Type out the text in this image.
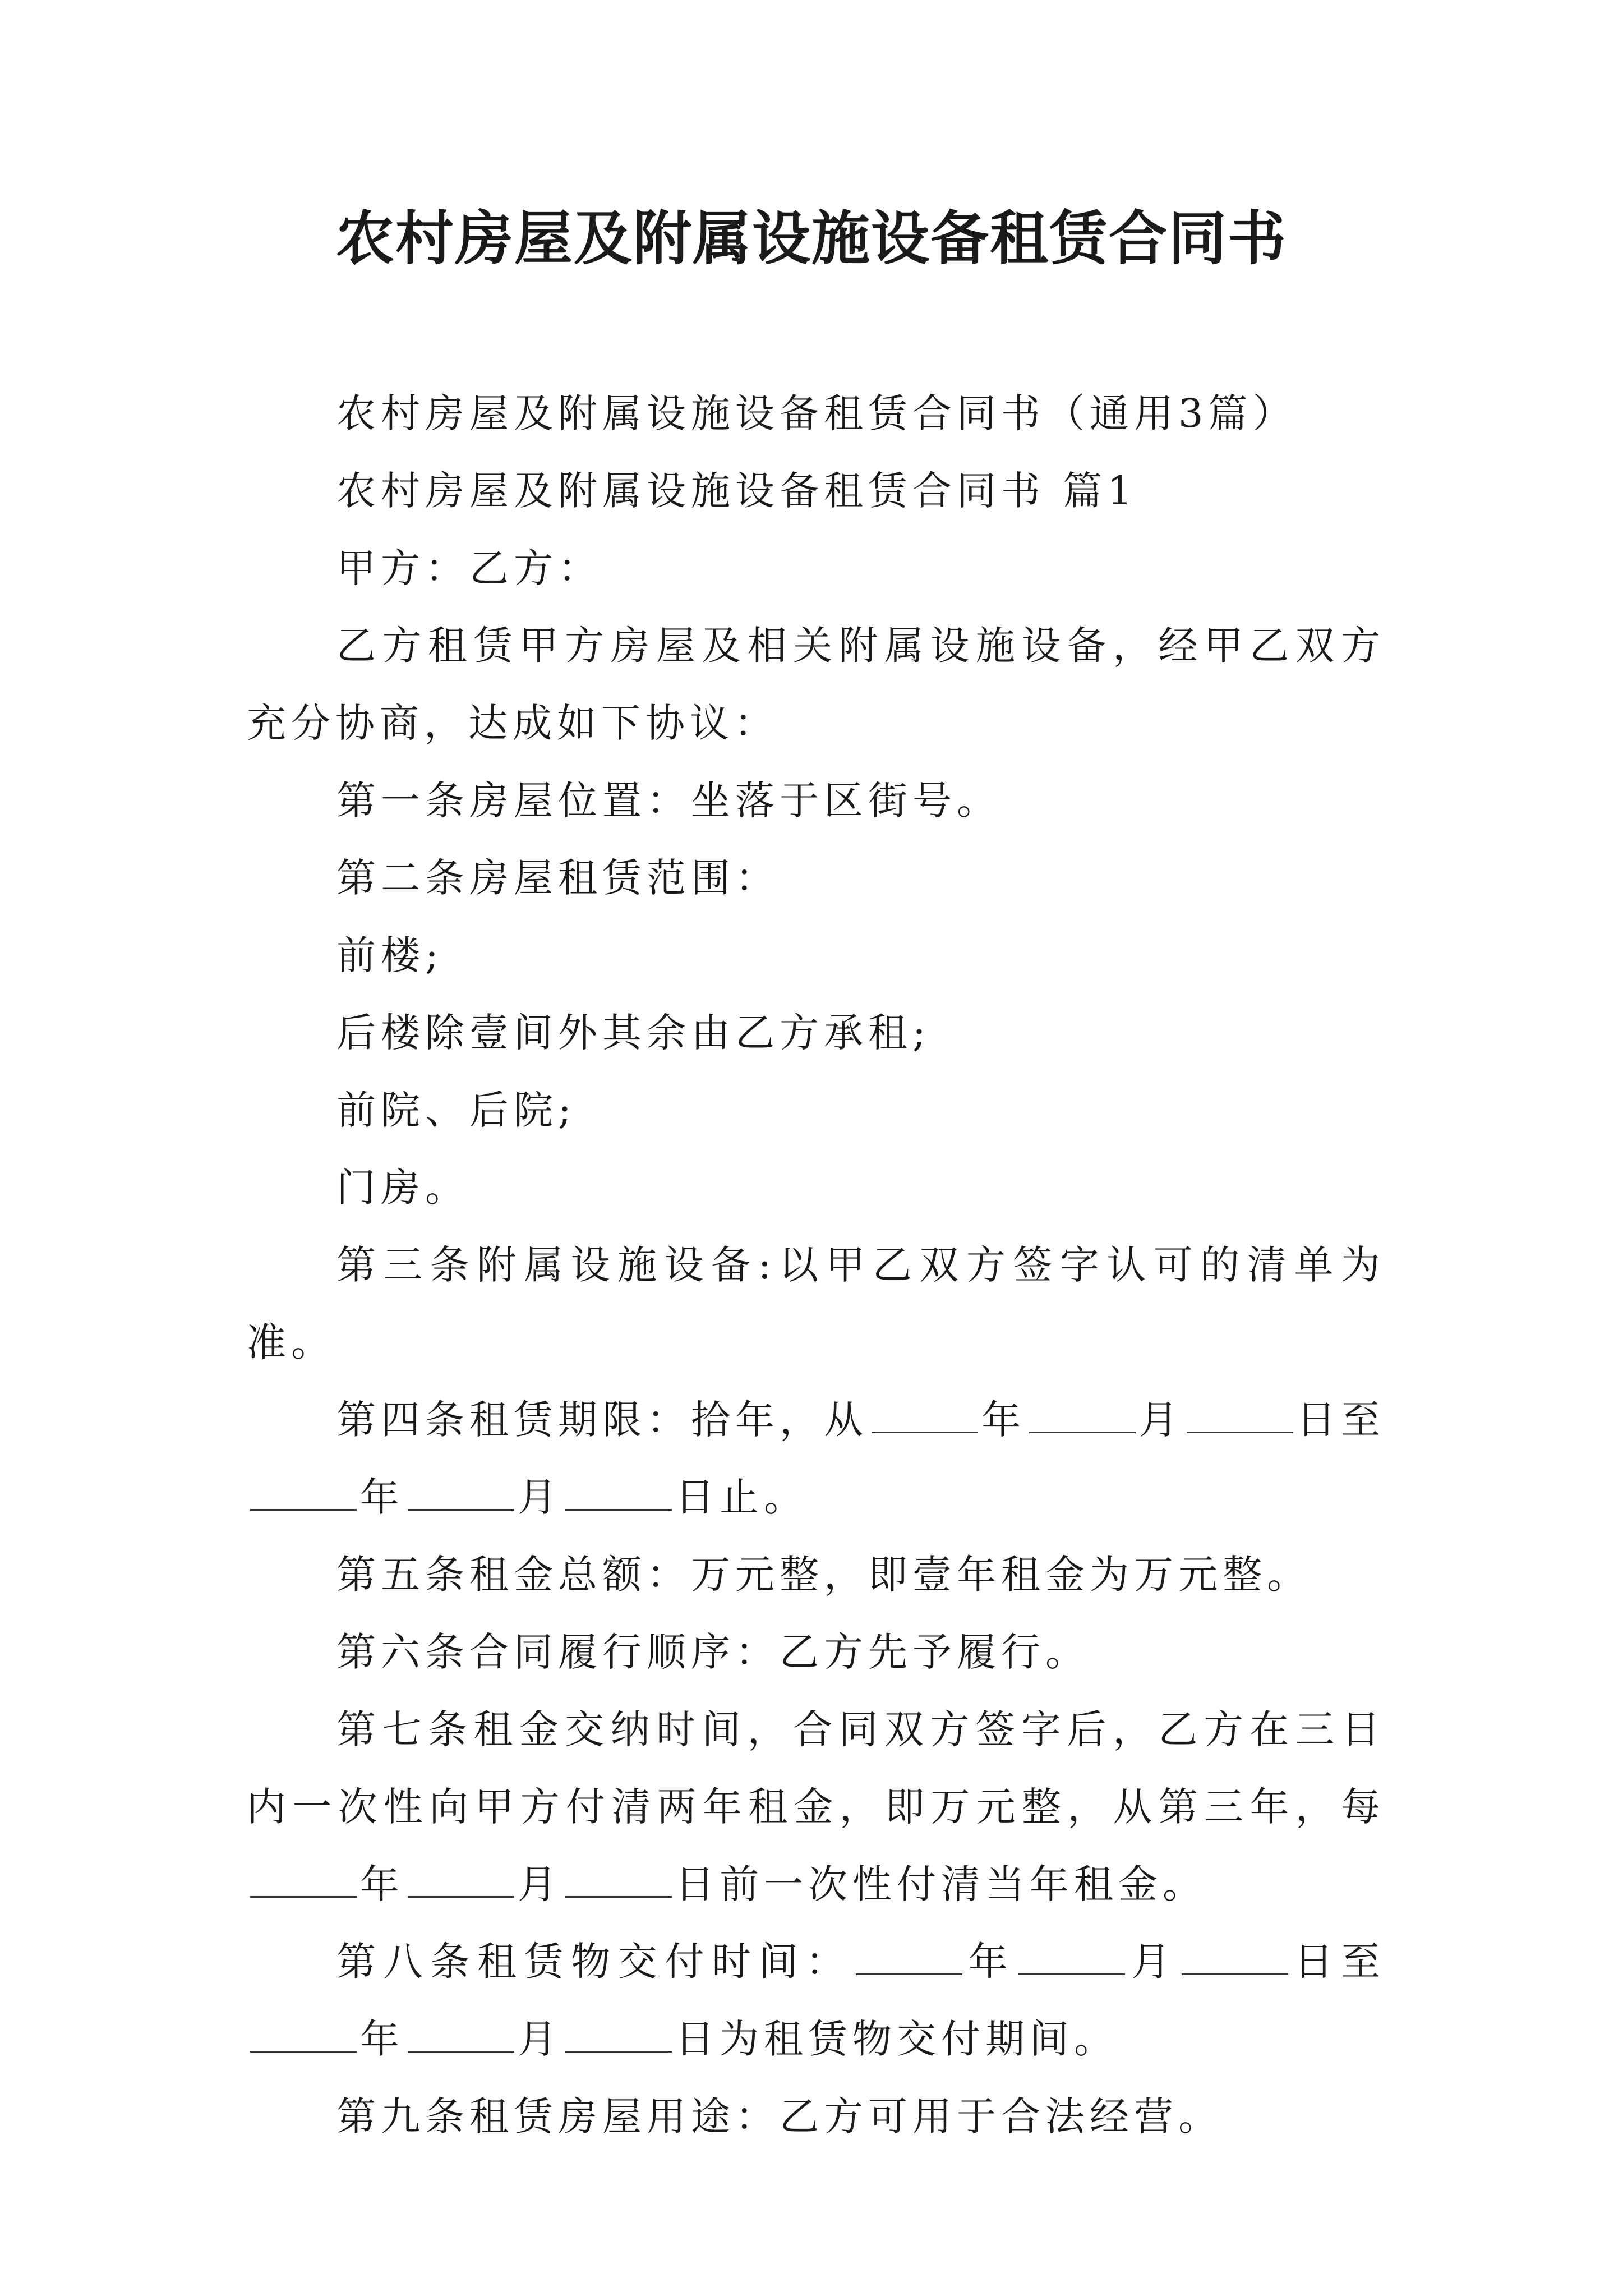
农村房屋及附属设施设备租赁合同书

农村房屋及附属设施设备租赁合同书（通用3篇）

农村房屋及附属设施设备租赁合同书 篇1

甲方：乙方：

乙方租赁甲方房屋及相关附属设施设备，经甲乙双方充分协商，达成如下协议：

第一条房屋位置：坐落于区街号。

第二条房屋租赁范围：

前楼;

后楼除壹间外其余由乙方承租;

前院、后院;

门房。

第三条附属设施设备:以甲乙双方签字认可的清单为准。

第四条租赁期限：拾年，从	年	月	日至年	月	日止。

第五条租金总额：万元整，即壹年租金为万元整。

第六条合同履行顺序：乙方先予履行。

第七条租金交纳时间，合同双方签字后，乙方在三日内一次性向甲方付清两年租金，即万元整，从第三年，每年	月	日前一次性付清当年租金。

第八条租赁物交付时间：	年	月	日至年	月	日为租赁物交付期间。

第九条租赁房屋用途：乙方可用于合法经营。
